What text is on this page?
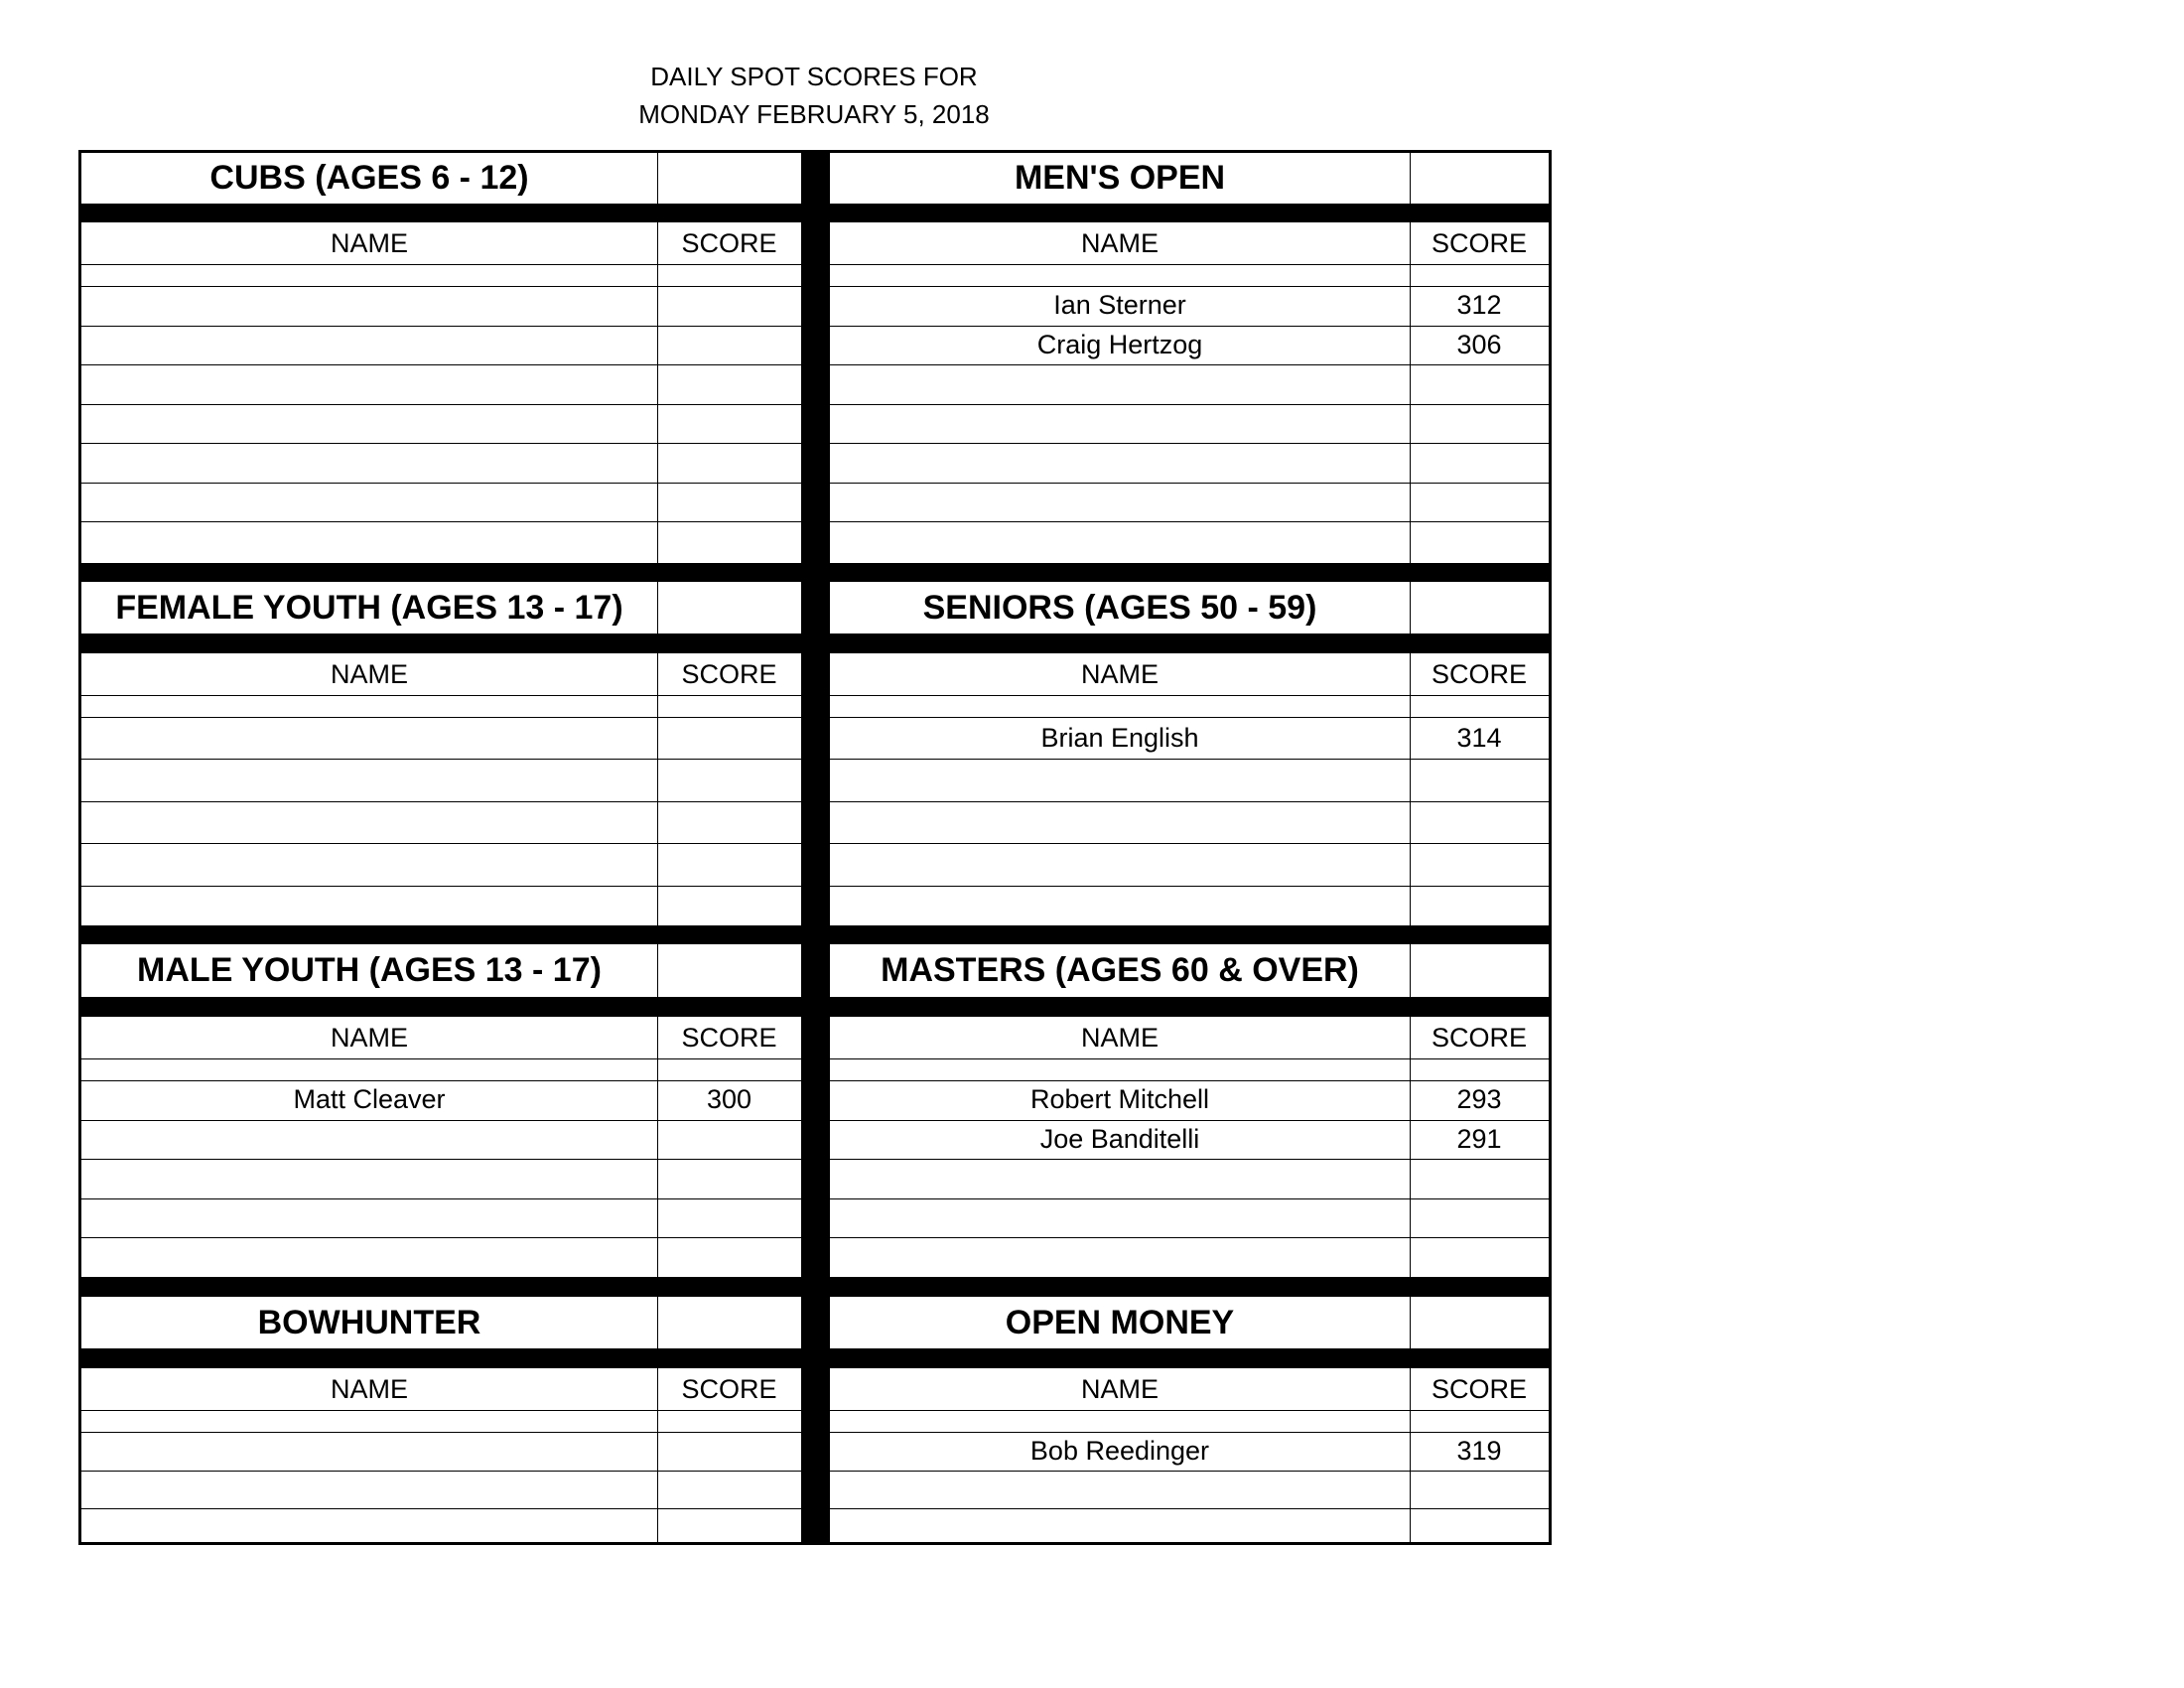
DAILY SPOT SCORES FOR
MONDAY FEBRUARY 5, 2018
CUBS (AGES 6 - 12)
NAME	SCORE
MEN'S OPEN
NAME	SCORE
Ian Sterner	312
Craig Hertzog	306
FEMALE YOUTH (AGES 13 - 17)
NAME	SCORE
SENIORS (AGES 50 - 59)
NAME	SCORE
Brian English	314
MALE YOUTH (AGES 13 - 17)
NAME	SCORE
Matt Cleaver	300
MASTERS (AGES 60 & OVER)
NAME	SCORE
Robert Mitchell	293
Joe Banditelli	291
BOWHUNTER
NAME	SCORE
OPEN MONEY
NAME	SCORE
Bob Reedinger	319
